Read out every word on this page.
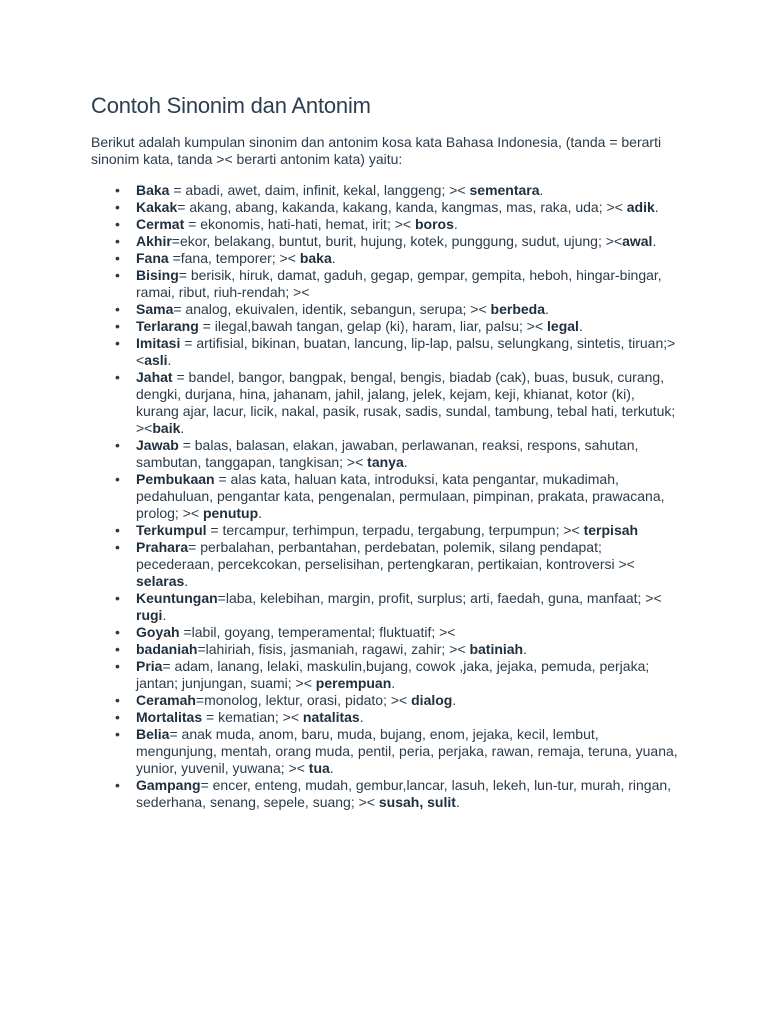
Contoh Sinonim dan Antonim

Berikut adalah kumpulan sinonim dan antonim kosa kata Bahasa Indonesia, (tanda = berarti sinonim kata, tanda >< berarti antonim kata) yaitu:

• Baka = abadi, awet, daim, infinit, kekal, langgeng; >< sementara.
• Kakak= akang, abang, kakanda, kakang, kanda, kangmas, mas, raka, uda; >< adik.
• Cermat = ekonomis, hati-hati, hemat, irit; >< boros.
• Akhir=ekor, belakang, buntut, burit, hujung, kotek, punggung, sudut, ujung; ><awal.
• Fana =fana, temporer; >< baka.
• Bising= berisik, hiruk, damat, gaduh, gegap, gempar, gempita, heboh, hingar-bingar, ramai, ribut, riuh-rendah; ><
• Sama= analog, ekuivalen, identik, sebangun, serupa; >< berbeda.
• Terlarang = ilegal,bawah tangan, gelap (ki), haram, liar, palsu; >< legal.
• Imitasi = artifisial, bikinan, buatan, lancung, lip-lap, palsu, selungkang, sintetis, tiruan;><asli.
• Jahat = bandel, bangor, bangpak, bengal, bengis, biadab (cak), buas, busuk, curang, dengki, durjana, hina, jahanam, jahil, jalang, jelek, kejam, keji, khianat, kotor (ki), kurang ajar, lacur, licik, nakal, pasik, rusak, sadis, sundal, tambung, tebal hati, terkutuk; ><baik.
• Jawab = balas, balasan, elakan, jawaban, perlawanan, reaksi, respons, sahutan, sambutan, tanggapan, tangkisan; >< tanya.
• Pembukaan = alas kata, haluan kata, introduksi, kata pengantar, mukadimah, pedahuluan, pengantar kata, pengenalan, permulaan, pimpinan, prakata, prawacana, prolog; >< penutup.
• Terkumpul = tercampur, terhimpun, terpadu, tergabung, terpumpun; >< terpisah
• Prahara= perbalahan, perbantahan, perdebatan, polemik, silang pendapat; pecederaan, percekcokan, perselisihan, pertengkaran, pertikaian, kontroversi >< selaras.
• Keuntungan=laba, kelebihan, margin, profit, surplus; arti, faedah, guna, manfaat; >< rugi.
• Goyah =labil, goyang, temperamental; fluktuatif; ><
• badaniah=lahiriah, fisis, jasmaniah, ragawi, zahir; >< batiniah.
• Pria= adam, lanang, lelaki, maskulin,bujang, cowok ,jaka, jejaka, pemuda, perjaka; jantan; junjungan, suami; >< perempuan.
• Ceramah=monolog, lektur, orasi, pidato; >< dialog.
• Mortalitas = kematian; >< natalitas.
• Belia= anak muda, anom, baru, muda, bujang, enom, jejaka, kecil, lembut, mengunjung, mentah, orang muda, pentil, peria, perjaka, rawan, remaja, teruna, yuana, yunior, yuvenil, yuwana; >< tua.
• Gampang= encer, enteng, mudah, gembur,lancar, lasuh, lekeh, lun-tur, murah, ringan, sederhana, senang, sepele, suang; >< susah, sulit.
